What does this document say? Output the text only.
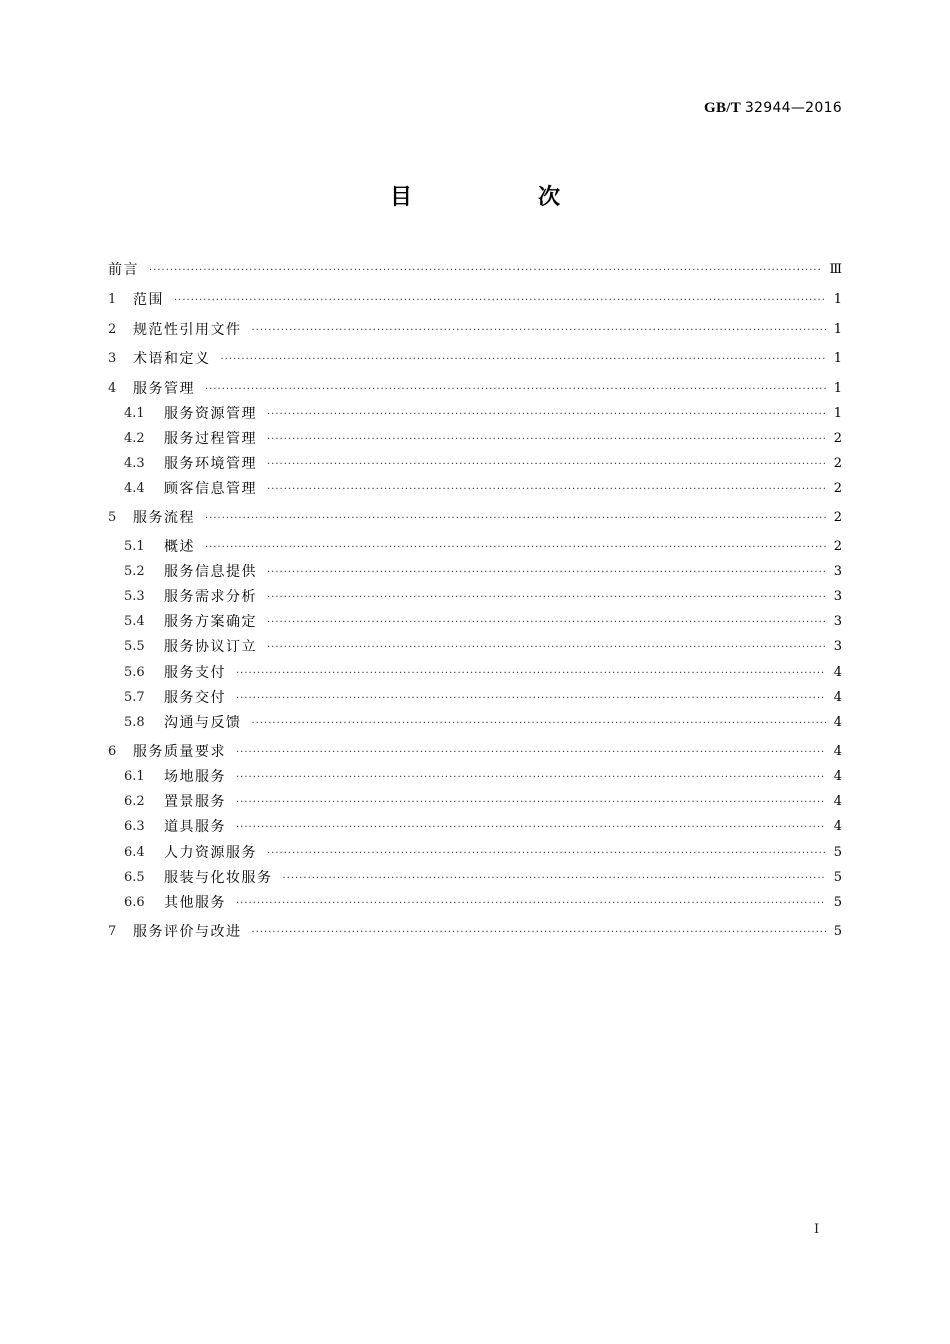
GB/T 32944—2016
目　次
前言 ·····	Ⅲ
1	范围 ·····	1
2	规范性引用文件 ·····	1
3	术语和定义 ·····	1
4	服务管理 ·····	1
4.1	服务资源管理 ·····	1
4.2	服务过程管理 ·····	2
4.3	服务环境管理 ·····	2
4.4	顾客信息管理 ·····	2
5	服务流程 ·····	2
5.1	概述 ·····	2
5.2	服务信息提供 ·····	3
5.3	服务需求分析 ·····	3
5.4	服务方案确定 ·····	3
5.5	服务协议订立 ·····	3
5.6	服务支付 ·····	4
5.7	服务交付 ·····	4
5.8	沟通与反馈 ·····	4
6	服务质量要求 ·····	4
6.1	场地服务 ·····	4
6.2	置景服务 ·····	4
6.3	道具服务 ·····	4
6.4	人力资源服务 ·····	5
6.5	服装与化妆服务 ·····	5
6.6	其他服务 ·····	5
7	服务评价与改进 ·····	5
Ⅰ
